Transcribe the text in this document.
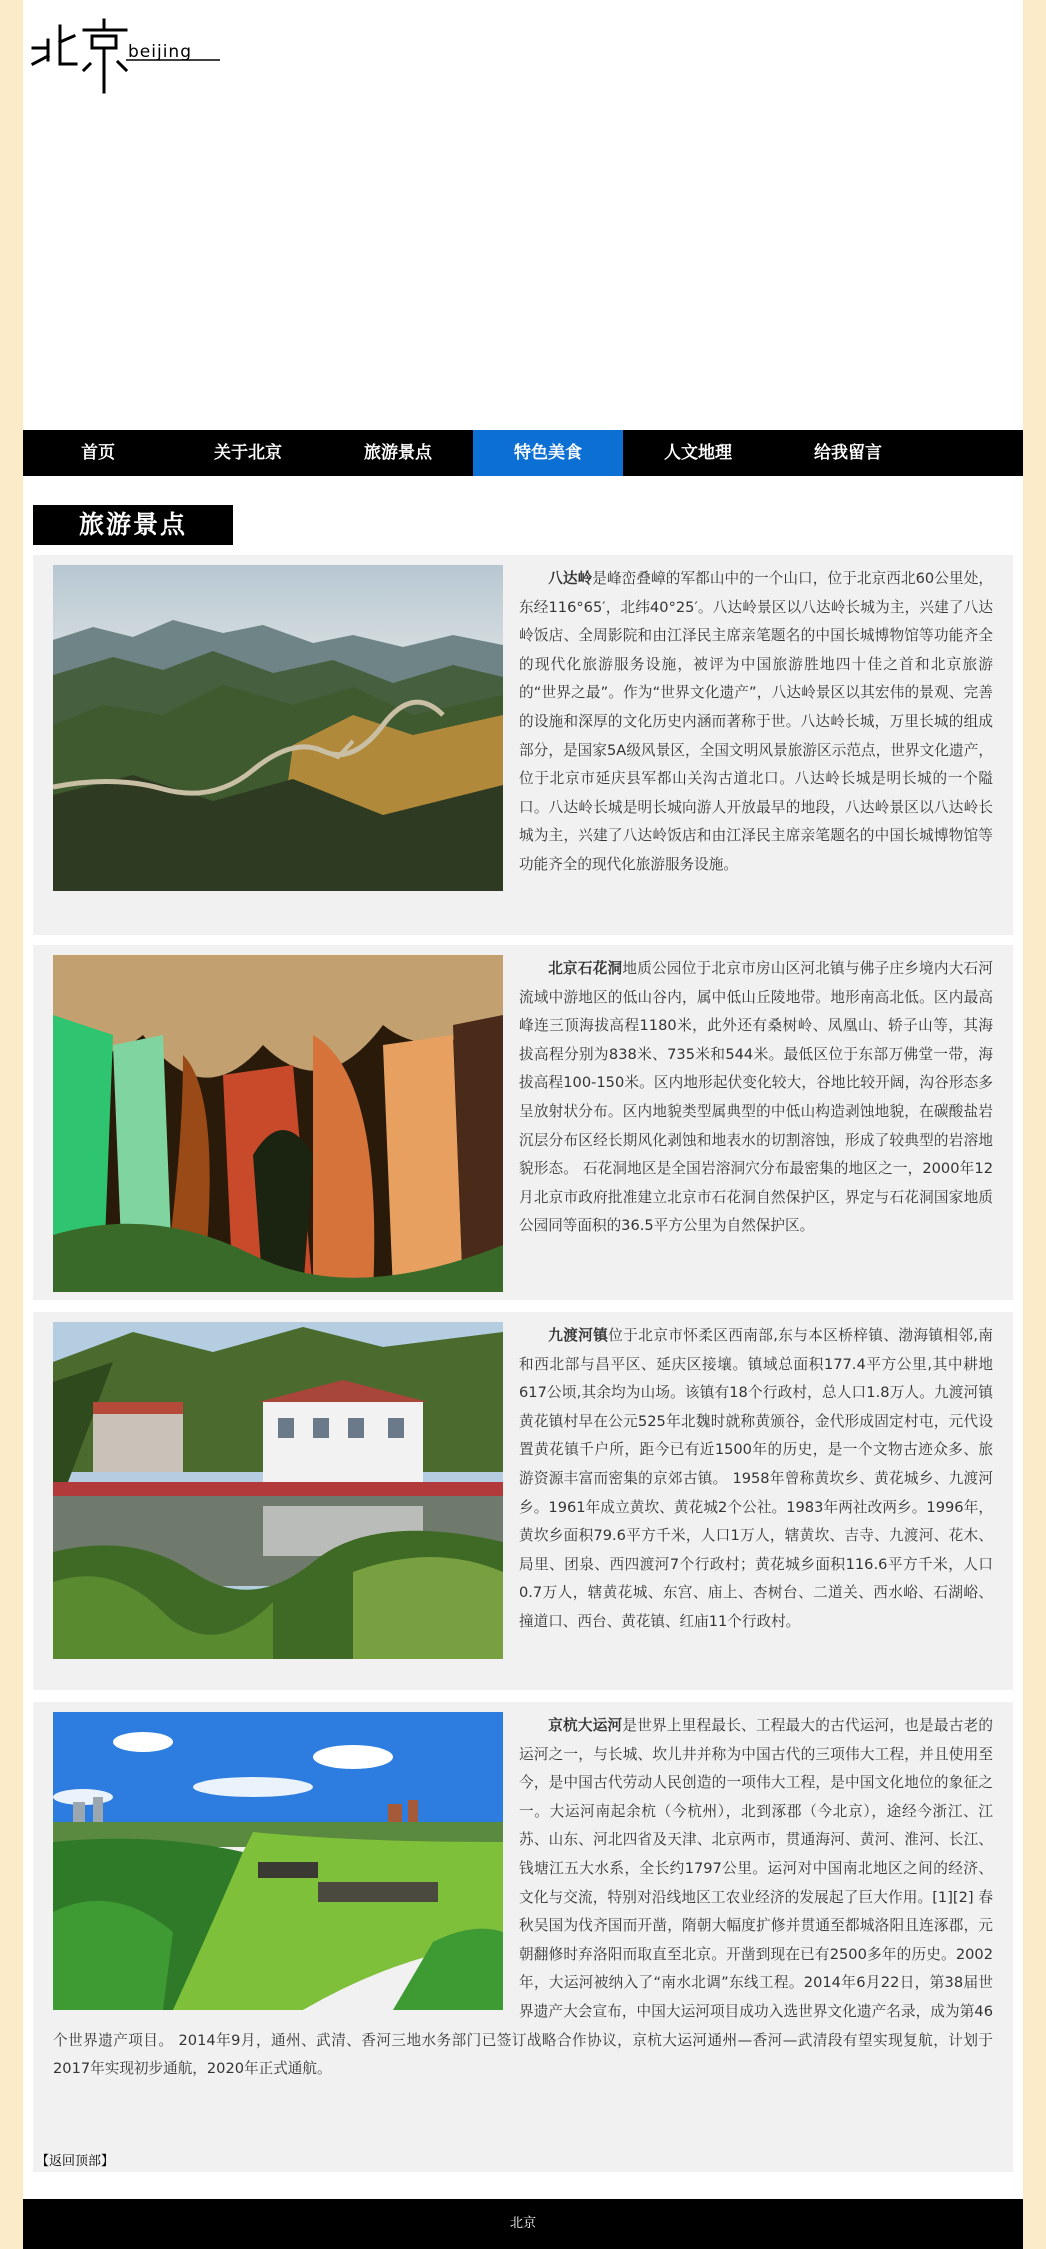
beijing
首页	关于北京	旅游景点	特色美食	人文地理	给我留言
旅游景点

八达岭是峰峦叠嶂的军都山中的一个山口，位于北京西北60公里处，东经116°65′，北纬40°25′。八达岭景区以八达岭长城为主，兴建了八达岭饭店、全周影院和由江泽民主席亲笔题名的中国长城博物馆等功能齐全的现代化旅游服务设施，被评为中国旅游胜地四十佳之首和北京旅游的“世界之最”。作为“世界文化遗产”，八达岭景区以其宏伟的景观、完善的设施和深厚的文化历史内涵而著称于世。八达岭长城，万里长城的组成部分，是国家5A级风景区，全国文明风景旅游区示范点，世界文化遗产，位于北京市延庆县军都山关沟古道北口。八达岭长城是明长城的一个隘口。八达岭长城是明长城向游人开放最早的地段，八达岭景区以八达岭长城为主，兴建了八达岭饭店和由江泽民主席亲笔题名的中国长城博物馆等功能齐全的现代化旅游服务设施。

北京石花洞地质公园位于北京市房山区河北镇与佛子庄乡境内大石河流域中游地区的低山谷内，属中低山丘陵地带。地形南高北低。区内最高峰连三顶海拔高程1180米，此外还有桑树岭、凤凰山、轿子山等，其海拔高程分别为838米、735米和544米。最低区位于东部万佛堂一带，海拔高程100-150米。区内地形起伏变化较大，谷地比较开阔，沟谷形态多呈放射状分布。区内地貌类型属典型的中低山构造剥蚀地貌，在碳酸盐岩沉层分布区经长期风化剥蚀和地表水的切割溶蚀，形成了较典型的岩溶地貌形态。 石花洞地区是全国岩溶洞穴分布最密集的地区之一，2000年12月北京市政府批准建立北京市石花洞自然保护区，界定与石花洞国家地质公园同等面积的36.5平方公里为自然保护区。

九渡河镇位于北京市怀柔区西南部,东与本区桥梓镇、渤海镇相邻,南和西北部与昌平区、延庆区接壤。镇域总面积177.4平方公里,其中耕地617公顷,其余均为山场。该镇有18个行政村，总人口1.8万人。九渡河镇黄花镇村早在公元525年北魏时就称黄颁谷，金代形成固定村屯，元代设置黄花镇千户所，距今已有近1500年的历史，是一个文物古迹众多、旅游资源丰富而密集的京郊古镇。 1958年曾称黄坎乡、黄花城乡、九渡河乡。1961年成立黄坎、黄花城2个公社。1983年两社改两乡。1996年，黄坎乡面积79.6平方千米，人口1万人，辖黄坎、吉寺、九渡河、花木、局里、团泉、西四渡河7个行政村；黄花城乡面积116.6平方千米，人口0.7万人，辖黄花城、东宫、庙上、杏树台、二道关、西水峪、石湖峪、撞道口、西台、黄花镇、红庙11个行政村。

京杭大运河是世界上里程最长、工程最大的古代运河，也是最古老的运河之一，与长城、坎儿井并称为中国古代的三项伟大工程，并且使用至今，是中国古代劳动人民创造的一项伟大工程，是中国文化地位的象征之一。大运河南起余杭（今杭州），北到涿郡（今北京），途经今浙江、江苏、山东、河北四省及天津、北京两市，贯通海河、黄河、淮河、长江、钱塘江五大水系，全长约1797公里。运河对中国南北地区之间的经济、文化与交流，特别对沿线地区工农业经济的发展起了巨大作用。[1][2] 春秋吴国为伐齐国而开凿，隋朝大幅度扩修并贯通至都城洛阳且连涿郡，元朝翻修时弃洛阳而取直至北京。开凿到现在已有2500多年的历史。2002年，大运河被纳入了“南水北调”东线工程。2014年6月22日，第38届世界遗产大会宣布，中国大运河项目成功入选世界文化遗产名录，成为第46个世界遗产项目。 2014年9月，通州、武清、香河三地水务部门已签订战略合作协议，京杭大运河通州—香河—武清段有望实现复航，计划于2017年实现初步通航，2020年正式通航。

【返回顶部】
北京
